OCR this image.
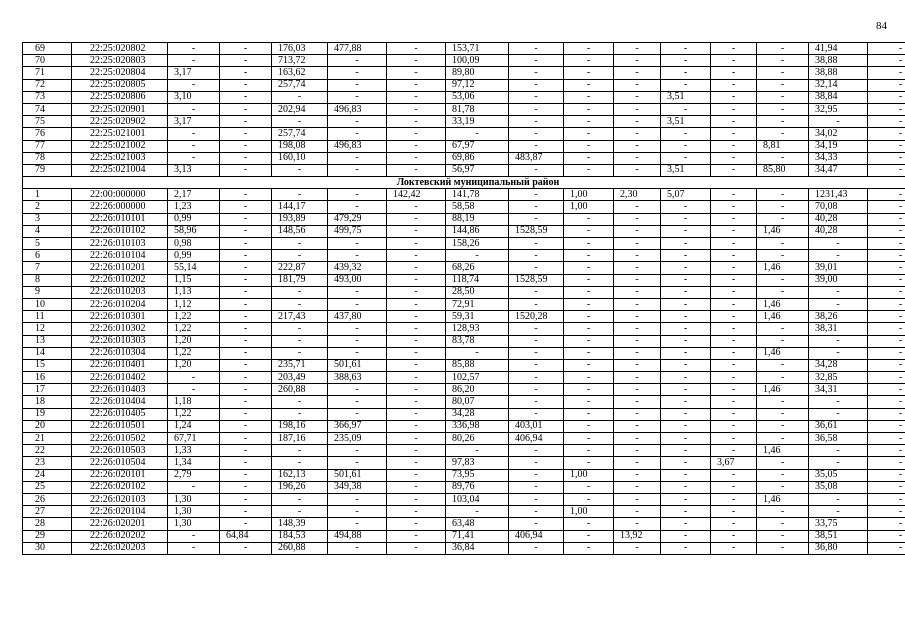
84
69	22:25:020802	-	-	176,03	477,88	-	153,71	-	-	-	-	-	-	41,94	-
70	22:25:020803	-	-	713,72	-	-	100,09	-	-	-	-	-	-	38,88	-
71	22:25:020804	3,17	-	163,62	-	-	89,80	-	-	-	-	-	-	38,88	-
72	22:25:020805	-	-	257,74	-	-	97,12	-	-	-	-	-	-	32,14	-
73	22:25:020806	3,10	-	-	-	-	53,06	-	-	-	3,51	-	-	38,84	-
74	22:25:020901	-	-	202,94	496,83	-	81,78	-	-	-	-	-	-	32,95	-
75	22:25:020902	3,17	-	-	-	-	33,19	-	-	-	3,51	-	-	-	-
76	22:25:021001	-	-	257,74	-	-	-	-	-	-	-	-	-	34,02	-
77	22:25:021002	-	-	198,08	496,83	-	67,97	-	-	-	-	-	8,81	34,19	-
78	22:25:021003	-	-	160,10	-	-	69,86	483,87	-	-	-	-	-	34,33	-
79	22:25:021004	3,13	-	-	-	-	56,97	-	-	-	3,51	-	85,80	34,47	-
Локтевский муниципальный район															
1	22:00:000000	2,17	-	-	-	142,42	141,78	-	1,00	2,30	5,07	-	-	1231,43	-
2	22:26:000000	1,23	-	144,17	-	-	58,58	-	1,00	-	-	-	-	70,08	-
3	22:26:010101	0,99	-	193,89	479,29	-	88,19	-	-	-	-	-	-	40,28	-
4	22:26:010102	58,96	-	148,56	499,75	-	144,86	1528,59	-	-	-	-	1,46	40,28	-
5	22:26:010103	0,98	-	-	-	-	158,26	-	-	-	-	-	-	-	-
6	22:26:010104	0,99	-	-	-	-	-	-	-	-	-	-	-	-	-
7	22:26:010201	55,14	-	222,87	439,32	-	68,26	-	-	-	-	-	1,46	39,01	-
8	22:26:010202	1,15	-	181,79	493,00	-	118,74	1528,59	-	-	-	-	-	39,00	-
9	22:26:010203	1,13	-	-	-	-	28,50	-	-	-	-	-	-	-	-
10	22:26:010204	1,12	-	-	-	-	72,91	-	-	-	-	-	1,46	-	-
11	22:26:010301	1,22	-	217,43	437,80	-	59,31	1520,28	-	-	-	-	1,46	38,26	-
12	22:26:010302	1,22	-	-	-	-	128,93	-	-	-	-	-	-	38,31	-
13	22:26:010303	1,20	-	-	-	-	83,78	-	-	-	-	-	-	-	-
14	22:26:010304	1,22	-	-	-	-	-	-	-	-	-	-	1,46	-	-
15	22:26:010401	1,20	-	235,71	501,61	-	85,88	-	-	-	-	-	-	34,28	-
16	22:26:010402	-	-	203,49	388,63	-	102,57	-	-	-	-	-	-	32,85	-
17	22:26:010403	-	-	260,88	-	-	86,20	-	-	-	-	-	1,46	34,31	-
18	22:26:010404	1,18	-	-	-	-	80,07	-	-	-	-	-	-	-	-
19	22:26:010405	1,22	-	-	-	-	34,28	-	-	-	-	-	-	-	-
20	22:26:010501	1,24	-	198,16	366,97	-	336,98	403,01	-	-	-	-	-	36,61	-
21	22:26:010502	67,71	-	187,16	235,09	-	80,26	406,94	-	-	-	-	-	36,58	-
22	22:26:010503	1,33	-	-	-	-	-	-	-	-	-	-	1,46	-	-
23	22:26:010504	1,34	-	-	-	-	97,83	-	-	-	-	3,67	-	-	-
24	22:26:020101	2,79	-	162,13	501,61	-	73,95	-	1,00	-	-	-	-	35,05	-
25	22:26:020102	-	-	196,26	349,38	-	89,76	-	-	-	-	-	-	35,08	-
26	22:26:020103	1,30	-	-	-	-	103,04	-	-	-	-	-	1,46	-	-
27	22:26:020104	1,30	-	-	-	-	-	-	1,00	-	-	-	-	-	-
28	22:26:020201	1,30	-	148,39	-	-	63,48	-	-	-	-	-	-	33,75	-
29	22:26:020202	-	64,84	184,53	494,88	-	71,41	406,94	-	13,92	-	-	-	38,51	-
30	22:26:020203	-	-	260,88	-	-	36,84	-	-	-	-	-	-	36,80	-
